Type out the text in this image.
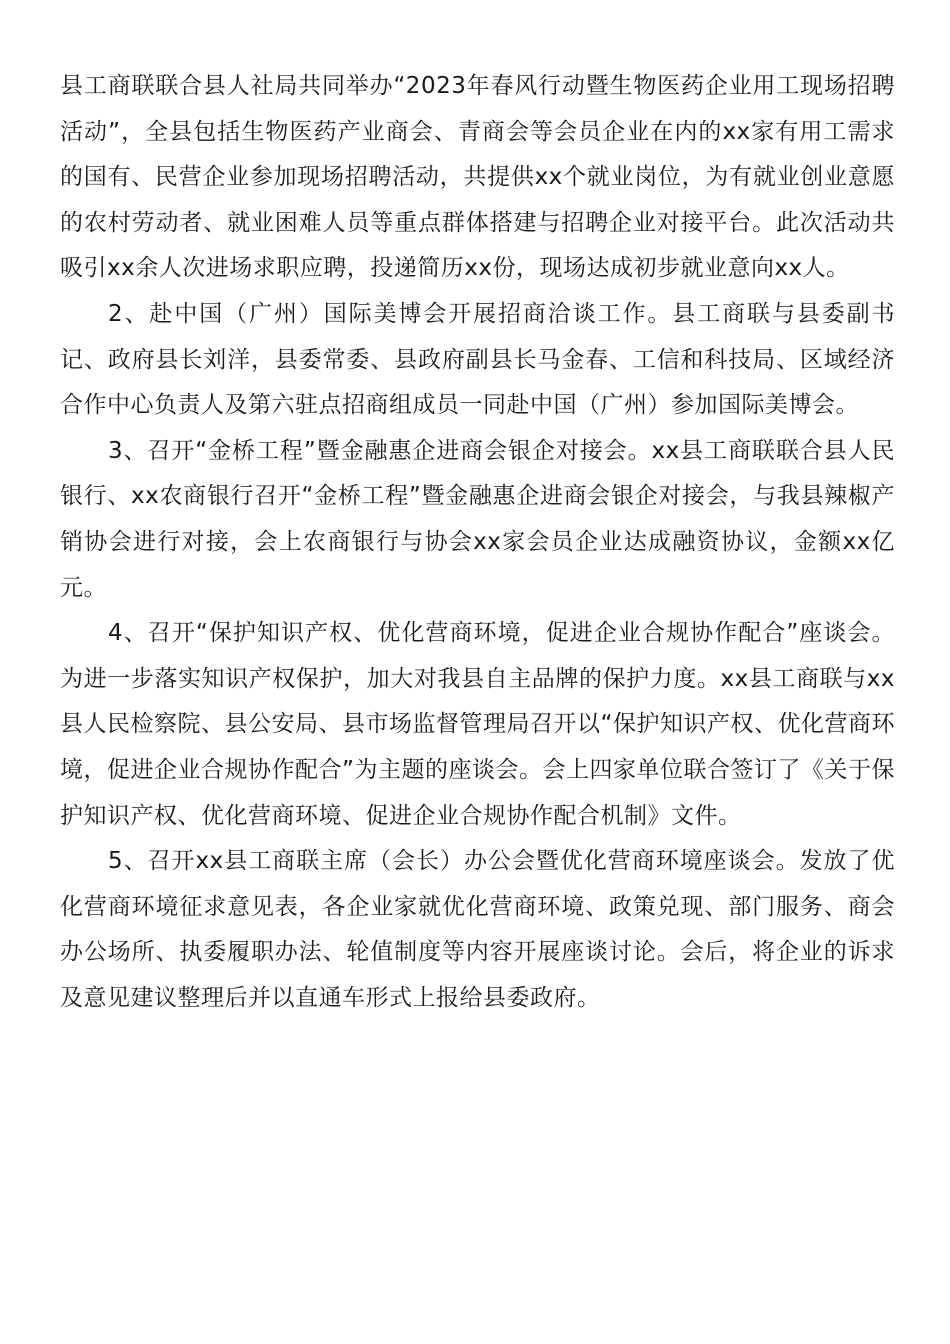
县工商联联合县人社局共同举办“2023年春风行动暨生物医药企业用工现场招聘活动”，全县包括生物医药产业商会、青商会等会员企业在内的xx家有用工需求的国有、民营企业参加现场招聘活动，共提供xx个就业岗位，为有就业创业意愿的农村劳动者、就业困难人员等重点群体搭建与招聘企业对接平台。此次活动共吸引xx余人次进场求职应聘，投递简历xx份，现场达成初步就业意向xx人。

2、赴中国（广州）国际美博会开展招商洽谈工作。县工商联与县委副书记、政府县长刘洋，县委常委、县政府副县长马金春、工信和科技局、区域经济合作中心负责人及第六驻点招商组成员一同赴中国（广州）参加国际美博会。

3、召开“金桥工程”暨金融惠企进商会银企对接会。xx县工商联联合县人民银行、xx农商银行召开“金桥工程”暨金融惠企进商会银企对接会，与我县辣椒产销协会进行对接，会上农商银行与协会xx家会员企业达成融资协议，金额xx亿元。

4、召开“保护知识产权、优化营商环境，促进企业合规协作配合”座谈会。为进一步落实知识产权保护，加大对我县自主品牌的保护力度。xx县工商联与xx县人民检察院、县公安局、县市场监督管理局召开以“保护知识产权、优化营商环境，促进企业合规协作配合”为主题的座谈会。会上四家单位联合签订了《关于保护知识产权、优化营商环境、促进企业合规协作配合机制》文件。

5、召开xx县工商联主席（会长）办公会暨优化营商环境座谈会。发放了优化营商环境征求意见表，各企业家就优化营商环境、政策兑现、部门服务、商会办公场所、执委履职办法、轮值制度等内容开展座谈讨论。会后，将企业的诉求及意见建议整理后并以直通车形式上报给县委政府。
